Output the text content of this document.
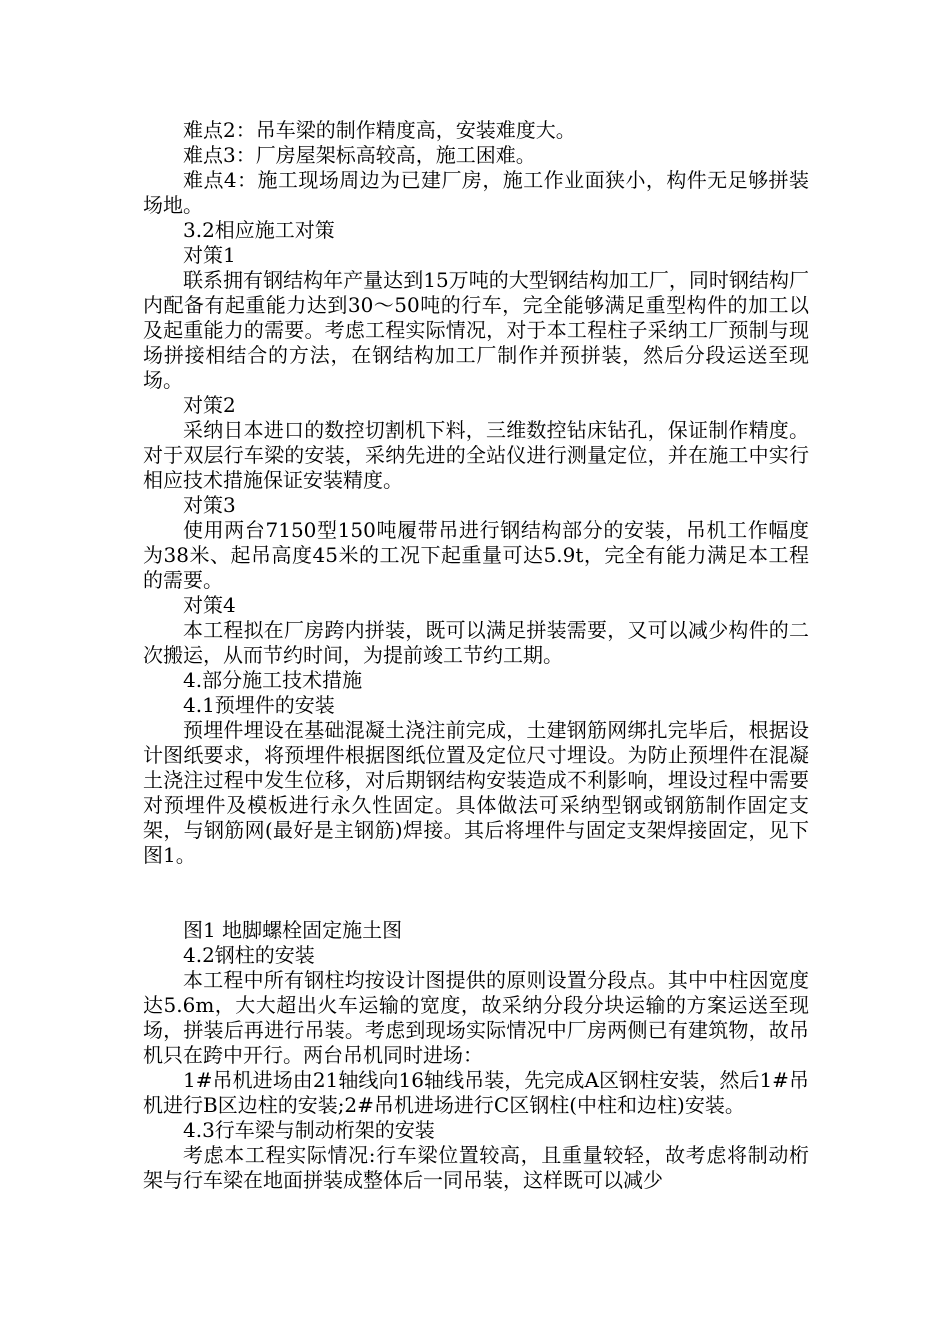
难点2：吊车梁的制作精度高，安装难度大。

难点3：厂房屋架标高较高，施工困难。

难点4：施工现场周边为已建厂房，施工作业面狭小，构件无足够拼装场地。

3.2相应施工对策

对策1

联系拥有钢结构年产量达到15万吨的大型钢结构加工厂，同时钢结构厂内配备有起重能力达到30～50吨的行车，完全能够满足重型构件的加工以及起重能力的需要。考虑工程实际情况，对于本工程柱子采纳工厂预制与现场拼接相结合的方法，在钢结构加工厂制作并预拼装，然后分段运送至现场。

对策2

采纳日本进口的数控切割机下料，三维数控钻床钻孔，保证制作精度。对于双层行车梁的安装，采纳先进的全站仪进行测量定位，并在施工中实行相应技术措施保证安装精度。

对策3

使用两台7150型150吨履带吊进行钢结构部分的安装，吊机工作幅度为38米、起吊高度45米的工况下起重量可达5.9t，完全有能力满足本工程的需要。

对策4

本工程拟在厂房跨内拼装，既可以满足拼装需要，又可以减少构件的二次搬运，从而节约时间，为提前竣工节约工期。

4.部分施工技术措施

4.1预埋件的安装

预埋件埋设在基础混凝土浇注前完成，土建钢筋网绑扎完毕后，根据设计图纸要求，将预埋件根据图纸位置及定位尺寸埋设。为防止预埋件在混凝土浇注过程中发生位移，对后期钢结构安装造成不利影响，埋设过程中需要对预埋件及模板进行永久性固定。具体做法可采纳型钢或钢筋制作固定支架，与钢筋网(最好是主钢筋)焊接。其后将埋件与固定支架焊接固定，见下图1。

图1 地脚螺栓固定施土图

4.2钢柱的安装

本工程中所有钢柱均按设计图提供的原则设置分段点。其中中柱因宽度达5.6m，大大超出火车运输的宽度，故采纳分段分块运输的方案运送至现场，拼装后再进行吊装。考虑到现场实际情况中厂房两侧已有建筑物，故吊机只在跨中开行。两台吊机同时进场：

1#吊机进场由21轴线向16轴线吊装，先完成A区钢柱安装，然后1#吊机进行B区边柱的安装;2#吊机进场进行C区钢柱(中柱和边柱)安装。

4.3行车梁与制动桁架的安装

考虑本工程实际情况:行车梁位置较高，且重量较轻，故考虑将制动桁架与行车梁在地面拼装成整体后一同吊装，这样既可以减少
